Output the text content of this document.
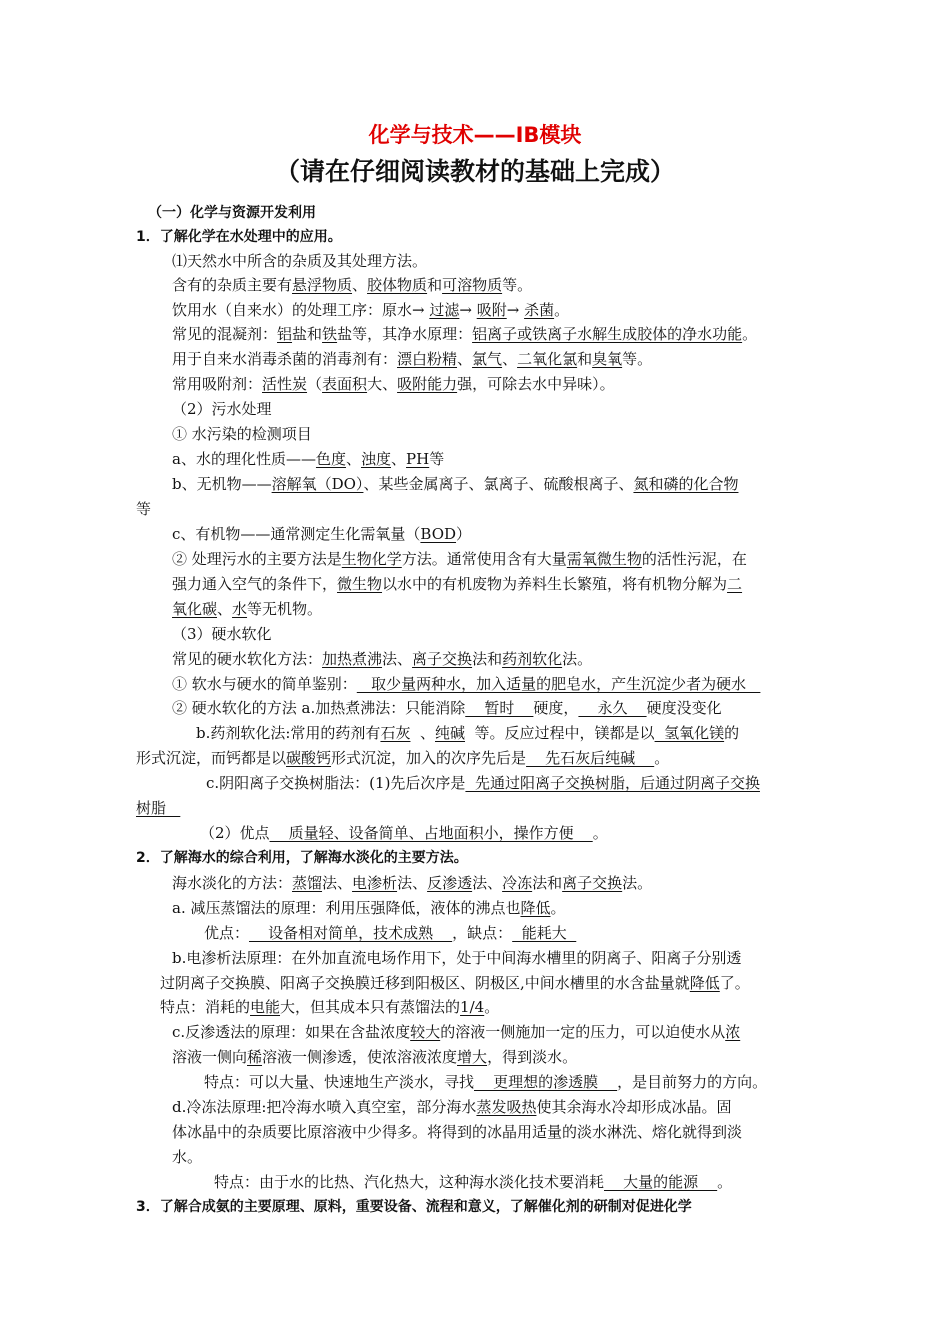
化学与技术——ⅠB模块
（请在仔细阅读教材的基础上完成）
（一）化学与资源开发利用
1．了解化学在水处理中的应用。
⑴天然水中所含的杂质及其处理方法。
含有的杂质主要有悬浮物质、胶体物质和可溶物质等。
饮用水（自来水）的处理工序：原水→ 过滤→ 吸附→ 杀菌。
常见的混凝剂：铝盐和铁盐等，其净水原理：铝离子或铁离子水解生成胶体的净水功能。
用于自来水消毒杀菌的消毒剂有：漂白粉精、氯气、二氧化氯和臭氧等。
常用吸附剂：活性炭（表面积大、吸附能力强，可除去水中异味）。
（2）污水处理
① 水污染的检测项目
a、水的理化性质——色度、浊度、PH等
b、无机物——溶解氧（DO）、某些金属离子、氯离子、硫酸根离子、氮和磷的化合物
等
c、有机物——通常测定生化需氧量（BOD）
② 处理污水的主要方法是生物化学方法。通常使用含有大量需氧微生物的活性污泥，在
强力通入空气的条件下，微生物以水中的有机废物为养料生长繁殖，将有机物分解为二
氧化碳、水等无机物。
（3）硬水软化
常见的硬水软化方法：加热煮沸法、离子交换法和药剂软化法。
① 软水与硬水的简单鉴别：   取少量两种水，加入适量的肥皂水，产生沉淀少者为硬水
② 硬水软化的方法 a.加热煮沸法：只能消除    暂时    硬度，    永久    硬度没变化
b.药剂软化法:常用的药剂有石灰  、纯碱  等。反应过程中，镁都是以  氢氧化镁的
形式沉淀，而钙都是以碳酸钙形式沉淀，加入的次序先后是    先石灰后纯碱    。
c.阴阳离子交换树脂法：(1)先后次序是  先通过阳离子交换树脂，后通过阴离子交换
树脂
（2）优点    质量轻、设备简单、占地面积小，操作方便    。
2．了解海水的综合利用，了解海水淡化的主要方法。
海水淡化的方法：蒸馏法、电渗析法、反渗透法、冷冻法和离子交换法。
a. 减压蒸馏法的原理：利用压强降低，液体的沸点也降低。
优点：    设备相对简单，技术成熟    ，缺点：  能耗大
b.电渗析法原理：在外加直流电场作用下，处于中间海水槽里的阴离子、阳离子分别透
过阴离子交换膜、阳离子交换膜迁移到阳极区、阴极区,中间水槽里的水含盐量就降低了。
特点：消耗的电能大，但其成本只有蒸馏法的1/4。
c.反渗透法的原理：如果在含盐浓度较大的溶液一侧施加一定的压力，可以迫使水从浓
溶液一侧向稀溶液一侧渗透，使浓溶液浓度增大，得到淡水。
特点：可以大量、快速地生产淡水，寻找    更理想的渗透膜    ，是目前努力的方向。
d.冷冻法原理:把冷海水喷入真空室，部分海水蒸发吸热使其余海水冷却形成冰晶。固
体冰晶中的杂质要比原溶液中少得多。将得到的冰晶用适量的淡水淋洗、熔化就得到淡
水。
特点：由于水的比热、汽化热大，这种海水淡化技术要消耗    大量的能源    。
3．了解合成氨的主要原理、原料，重要设备、流程和意义，了解催化剂的研制对促进化学
